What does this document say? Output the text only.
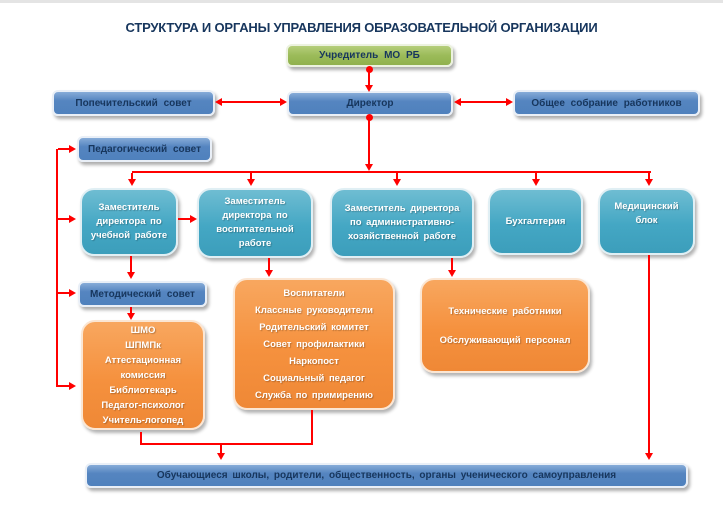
СТРУКТУРА И ОРГАНЫ УПРАВЛЕНИЯ ОБРАЗОВАТЕЛЬНОЙ ОРГАНИЗАЦИИ
Учредитель МО РБ
Попечительский совет	Директор	Общее собрание работников
Педагогический совет
Заместитель директора по учебной работе
Заместитель директора по воспитательной работе
Заместитель директора по административно-хозяйственной работе
Бухгалтерия
Медицинский блок
Методический совет
ШМО
ШПМПк
Аттестационная комиссия
Библиотекарь
Педагог-психолог
Учитель-логопед
Воспитатели
Классные руководители
Родительский комитет
Совет профилактики
Наркопост
Социальный педагог
Служба по примирению
Технические работники
Обслуживающий персонал
Обучающиеся школы, родители, общественность, органы ученического самоуправления
